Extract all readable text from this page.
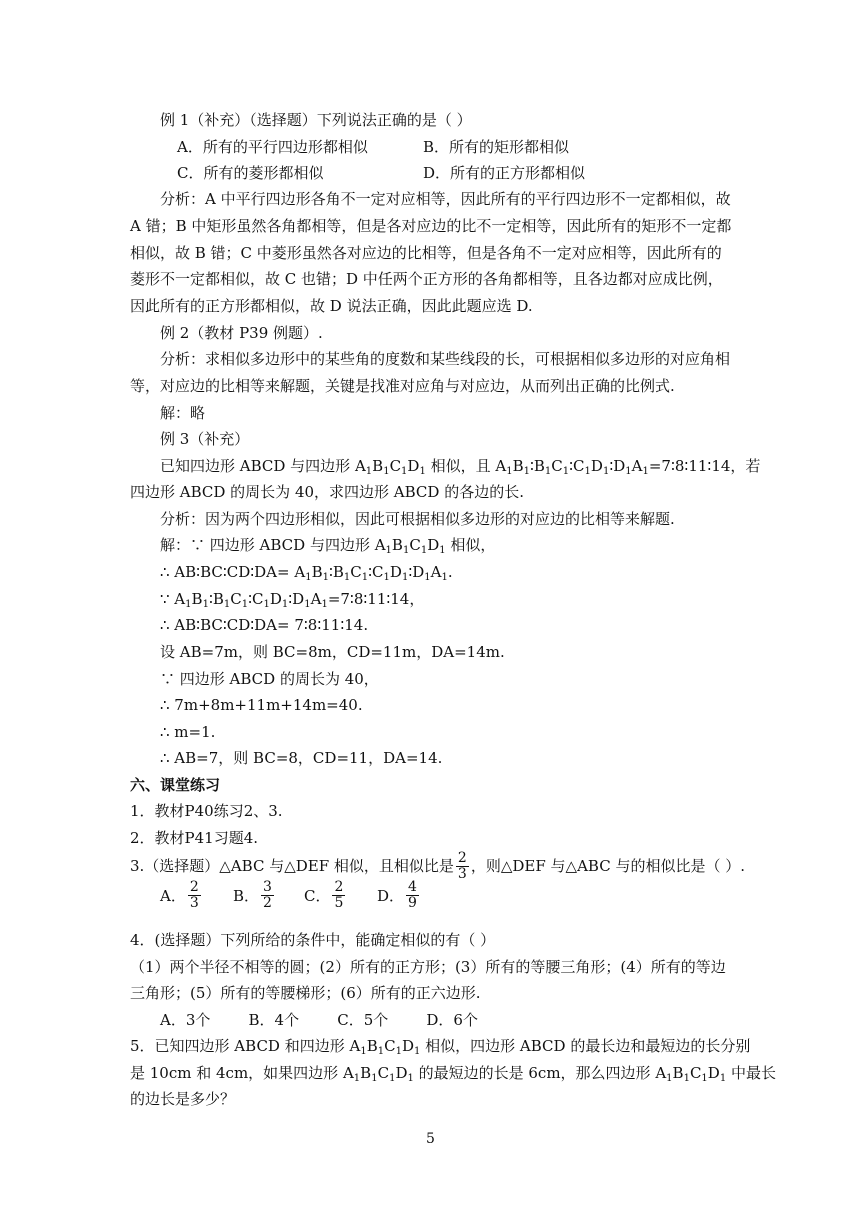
例 1（补充）（选择题）下列说法正确的是（ ）
A．所有的平行四边形都相似	B．所有的矩形都相似
C．所有的菱形都相似	D．所有的正方形都相似
分析：A 中平行四边形各角不一定对应相等，因此所有的平行四边形不一定都相似，故
A 错；B 中矩形虽然各角都相等，但是各对应边的比不一定相等，因此所有的矩形不一定都
相似，故 B 错；C 中菱形虽然各对应边的比相等，但是各角不一定对应相等，因此所有的
菱形不一定都相似，故 C 也错；D 中任两个正方形的各角都相等，且各边都对应成比例，
因此所有的正方形都相似，故 D 说法正确，因此此题应选 D.
例 2（教材 P39 例题）.
分析：求相似多边形中的某些角的度数和某些线段的长，可根据相似多边形的对应角相
等，对应边的比相等来解题，关键是找准对应角与对应边，从而列出正确的比例式.
解：略
例 3（补充）
已知四边形 ABCD 与四边形 $A_1B_1C_1D_1$ 相似，且 $A_1B_1∶B_1C_1∶C_1D_1∶D_1A_1=7∶8∶11∶14$，若
四边形 ABCD 的周长为 40，求四边形 ABCD 的各边的长.
分析：因为两个四边形相似，因此可根据相似多边形的对应边的比相等来解题.
解：∵ 四边形 ABCD 与四边形 $A_1B_1C_1D_1$ 相似，
∴ AB∶BC∶CD∶DA= $A_1B_1∶B_1C_1∶C_1D_1∶D_1A_1$.
∵ $A_1B_1∶B_1C_1∶C_1D_1∶D_1A_1=7∶8∶11∶14$，
∴ AB∶BC∶CD∶DA= 7∶8∶11∶14.
设 AB=7m，则 BC=8m，CD=11m，DA=14m.
∵ 四边形 ABCD 的周长为 40，
∴ 7m+8m+11m+14m=40.
∴ m=1.
∴ AB=7，则 BC=8，CD=11，DA=14.
六、课堂练习
1．教材P40练习2、3.
2．教材P41习题4.
3.（选择题）△ABC 与△DEF 相似，且相似比是 $\frac{2}{3}$ ，则△DEF 与△ABC 与的相似比是（ ）.
A． $\frac{2}{3}$ B． $\frac{3}{2}$ C． $\frac{2}{5}$ D． $\frac{4}{9}$
4．(选择题）下列所给的条件中，能确定相似的有（ ）
（1）两个半径不相等的圆；(2）所有的正方形；(3）所有的等腰三角形；(4）所有的等边
三角形；(5）所有的等腰梯形；(6）所有的正六边形.
A．3个        B．4个        C．5个        D．6个
5．已知四边形 ABCD 和四边形 $A_1B_1C_1D_1$ 相似，四边形 ABCD 的最长边和最短边的长分别
是 10cm 和 4cm，如果四边形 $A_1B_1C_1D_1$ 的最短边的长是 6cm，那么四边形 $A_1B_1C_1D_1$ 中最长
的边长是多少？
5
